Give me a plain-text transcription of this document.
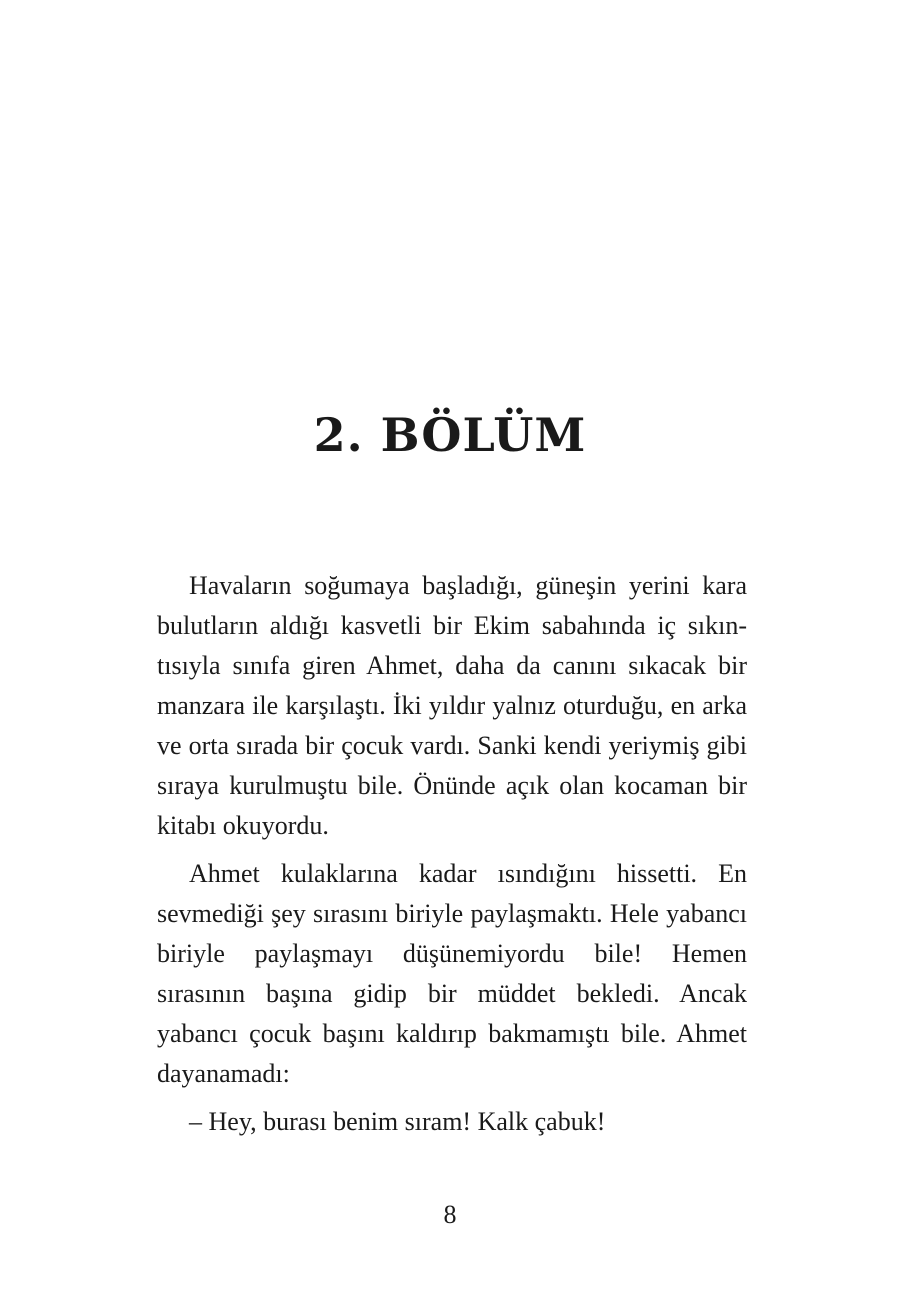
2. BÖLÜM

Havaların soğumaya başladığı, güneşin yerini kara bulutların aldığı kasvetli bir Ekim sabahında iç sıkıntısıyla sınıfa giren Ahmet, daha da canını sıkacak bir manzara ile karşılaştı. İki yıldır yalnız oturduğu, en arka ve orta sırada bir çocuk vardı. Sanki kendi yeriymiş gibi sıraya kurulmuştu bile. Önünde açık olan kocaman bir kitabı okuyordu.

Ahmet kulaklarına kadar ısındığını hissetti. En sevmediği şey sırasını biriyle paylaşmaktı. Hele yabancı biriyle paylaşmayı düşünemiyordu bile! Hemen sırasının başına gidip bir müddet bekledi. Ancak yabancı çocuk başını kaldırıp bakmamıştı bile. Ahmet dayanamadı:

– Hey, burası benim sıram! Kalk çabuk!

8
